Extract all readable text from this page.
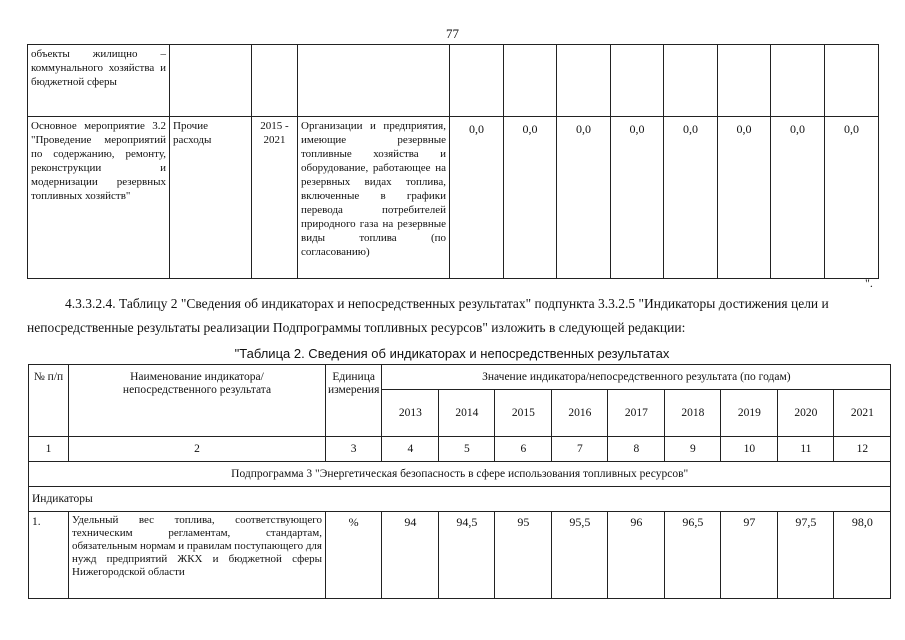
77
объекты жилищно – коммунального хозяйства и бюджетной сферы											
Основное мероприятие 3.2 "Проведение мероприятий по содержанию, ремонту, реконструкции и модернизации резервных топливных хозяйств"	Прочие расходы	2015 - 2021	Организации и предприятия, имеющие резервные топливные хозяйства и оборудование, работающее на резервных видах топлива, включенные в графики перевода потребителей природного газа на резервные виды топлива (по согласованию)	0,0	0,0	0,0	0,0	0,0	0,0	0,0	0,0
".
4.3.3.2.4. Таблицу 2 "Сведения об индикаторах и непосредственных результатах" подпункта 3.3.2.5 "Индикаторы достижения цели и непосредственные результаты реализации Подпрограммы топливных ресурсов" изложить в следующей редакции:
"Таблица 2. Сведения об индикаторах и непосредственных результатах
№ п/п	Наименование индикатора/непосредственного результата	Единица измерения	Значение индикатора/непосредственного результата (по годам)								
			2013	2014	2015	2016	2017	2018	2019	2020	2021
1	2	3	4	5	6	7	8	9	10	11	12
Подпрограмма 3 "Энергетическая безопасность в сфере использования топливных ресурсов"											
Индикаторы											
1.	Удельный вес топлива, соответствующего техническим регламентам, стандартам, обязательным нормам и правилам поступающего для нужд предприятий ЖКХ и бюджетной сферы Нижегородской области	%	94	94,5	95	95,5	96	96,5	97	97,5	98,0
